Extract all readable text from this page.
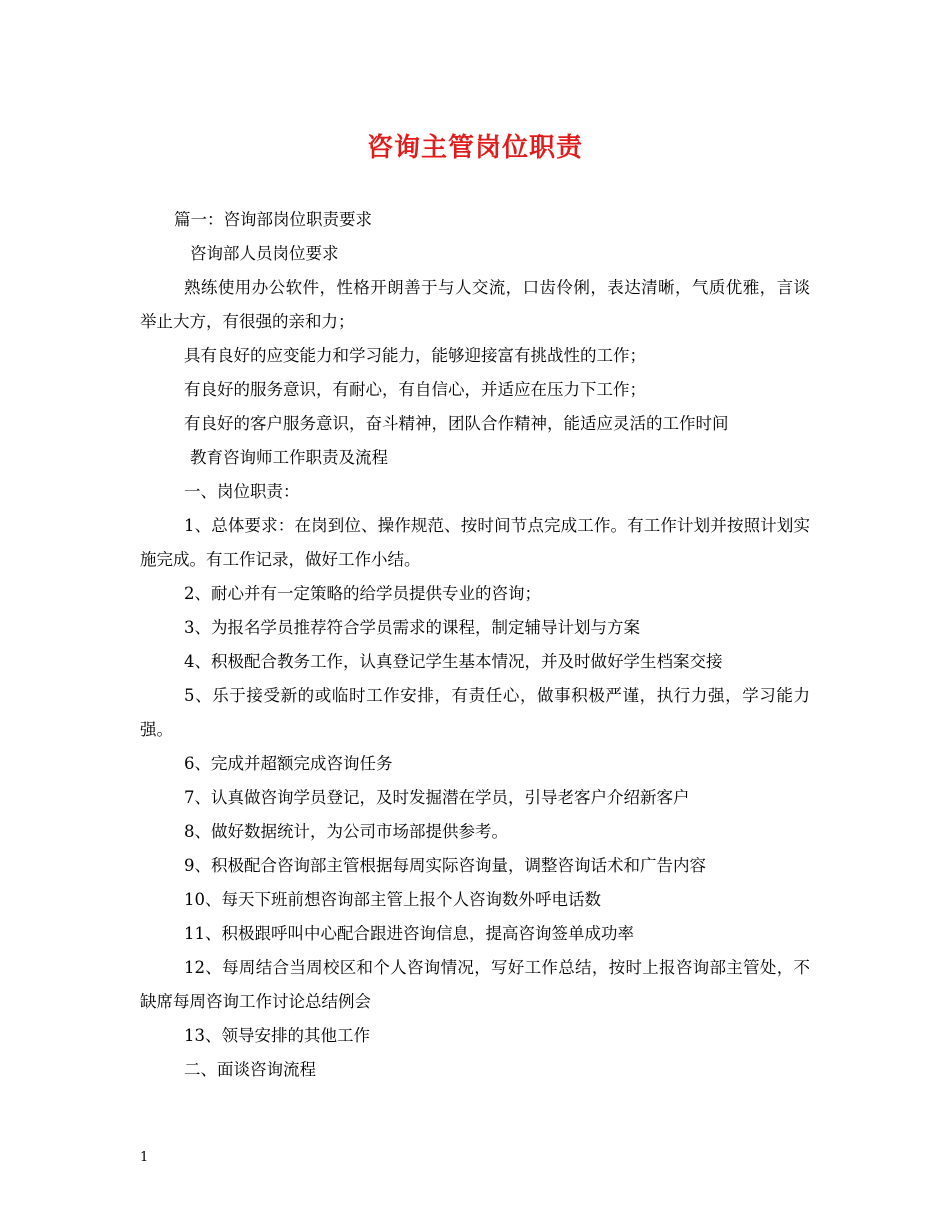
咨询主管岗位职责

篇一：咨询部岗位职责要求

咨询部人员岗位要求

熟练使用办公软件，性格开朗善于与人交流，口齿伶俐，表达清晰，气质优雅，言谈举止大方，有很强的亲和力；

具有良好的应变能力和学习能力，能够迎接富有挑战性的工作；

有良好的服务意识，有耐心，有自信心，并适应在压力下工作；

有良好的客户服务意识，奋斗精神，团队合作精神，能适应灵活的工作时间

教育咨询师工作职责及流程

一、岗位职责：

1、总体要求：在岗到位、操作规范、按时间节点完成工作。有工作计划并按照计划实施完成。有工作记录，做好工作小结。

2、耐心并有一定策略的给学员提供专业的咨询；

3、为报名学员推荐符合学员需求的课程，制定辅导计划与方案

4、积极配合教务工作，认真登记学生基本情况，并及时做好学生档案交接

5、乐于接受新的或临时工作安排，有责任心，做事积极严谨，执行力强，学习能力强。

6、完成并超额完成咨询任务

7、认真做咨询学员登记，及时发掘潜在学员，引导老客户介绍新客户

8、做好数据统计，为公司市场部提供参考。

9、积极配合咨询部主管根据每周实际咨询量，调整咨询话术和广告内容

10、每天下班前想咨询部主管上报个人咨询数外呼电话数

11、积极跟呼叫中心配合跟进咨询信息，提高咨询签单成功率

12、每周结合当周校区和个人咨询情况，写好工作总结，按时上报咨询部主管处，不缺席每周咨询工作讨论总结例会

13、领导安排的其他工作

二、面谈咨询流程

1
